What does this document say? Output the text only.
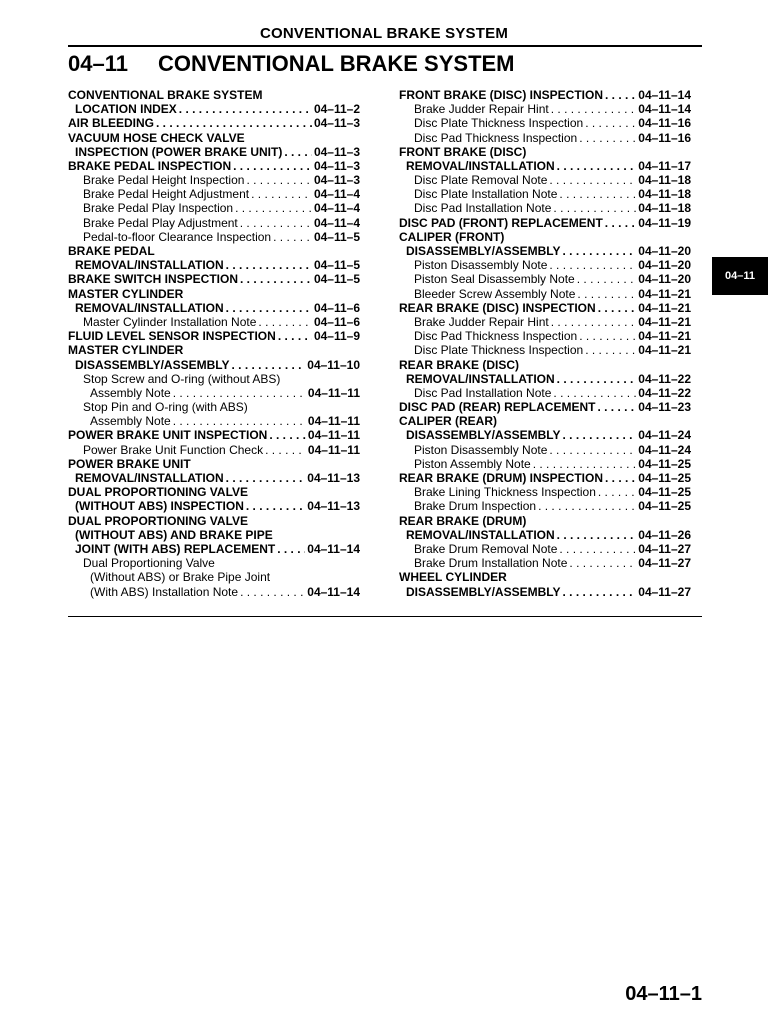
CONVENTIONAL BRAKE SYSTEM
04–11 CONVENTIONAL BRAKE SYSTEM
CONVENTIONAL BRAKE SYSTEM
LOCATION INDEX . . .	04–11–2
AIR BLEEDING . . .	04–11–3
VACUUM HOSE CHECK VALVE
INSPECTION (POWER BRAKE UNIT) . . .	04–11–3
BRAKE PEDAL INSPECTION . . .	04–11–3
Brake Pedal Height Inspection . . .	04–11–3
Brake Pedal Height Adjustment . . .	04–11–4
Brake Pedal Play Inspection . . .	04–11–4
Brake Pedal Play Adjustment . . .	04–11–4
Pedal-to-floor Clearance Inspection . . .	04–11–5
BRAKE PEDAL
REMOVAL/INSTALLATION . . .	04–11–5
BRAKE SWITCH INSPECTION . . .	04–11–5
MASTER CYLINDER
REMOVAL/INSTALLATION . . .	04–11–6
Master Cylinder Installation Note . . .	04–11–6
FLUID LEVEL SENSOR INSPECTION . . .	04–11–9
MASTER CYLINDER
DISASSEMBLY/ASSEMBLY . . .	04–11–10
Stop Screw and O-ring (without ABS)
Assembly Note . . .	04–11–11
Stop Pin and O-ring (with ABS)
Assembly Note . . .	04–11–11
POWER BRAKE UNIT INSPECTION . . .	04–11–11
Power Brake Unit Function Check . . .	04–11–11
POWER BRAKE UNIT
REMOVAL/INSTALLATION . . .	04–11–13
DUAL PROPORTIONING VALVE
(WITHOUT ABS) INSPECTION . . .	04–11–13
DUAL PROPORTIONING VALVE
(WITHOUT ABS) AND BRAKE PIPE
JOINT (WITH ABS) REPLACEMENT . . .	04–11–14
Dual Proportioning Valve
(Without ABS) or Brake Pipe Joint
(With ABS) Installation Note . . .	04–11–14
FRONT BRAKE (DISC) INSPECTION . . .	04–11–14
Brake Judder Repair Hint . . .	04–11–14
Disc Plate Thickness Inspection . . .	04–11–16
Disc Pad Thickness Inspection . . .	04–11–16
FRONT BRAKE (DISC)
REMOVAL/INSTALLATION . . .	04–11–17
Disc Plate Removal Note . . .	04–11–18
Disc Plate Installation Note . . .	04–11–18
Disc Pad Installation Note . . .	04–11–18
DISC PAD (FRONT) REPLACEMENT . . .	04–11–19
CALIPER (FRONT)
DISASSEMBLY/ASSEMBLY . . .	04–11–20
Piston Disassembly Note . . .	04–11–20
Piston Seal Disassembly Note . . .	04–11–20
Bleeder Screw Assembly Note . . .	04–11–21
REAR BRAKE (DISC) INSPECTION . . .	04–11–21
Brake Judder Repair Hint . . .	04–11–21
Disc Pad Thickness Inspection . . .	04–11–21
Disc Plate Thickness Inspection . . .	04–11–21
REAR BRAKE (DISC)
REMOVAL/INSTALLATION . . .	04–11–22
Disc Pad Installation Note . . .	04–11–22
DISC PAD (REAR) REPLACEMENT . . .	04–11–23
CALIPER (REAR)
DISASSEMBLY/ASSEMBLY . . .	04–11–24
Piston Disassembly Note . . .	04–11–24
Piston Assembly Note . . .	04–11–25
REAR BRAKE (DRUM) INSPECTION . . .	04–11–25
Brake Lining Thickness Inspection . . .	04–11–25
Brake Drum Inspection . . .	04–11–25
REAR BRAKE (DRUM)
REMOVAL/INSTALLATION . . .	04–11–26
Brake Drum Removal Note . . .	04–11–27
Brake Drum Installation Note . . .	04–11–27
WHEEL CYLINDER
DISASSEMBLY/ASSEMBLY . . .	04–11–27
04–11
04–11–1
